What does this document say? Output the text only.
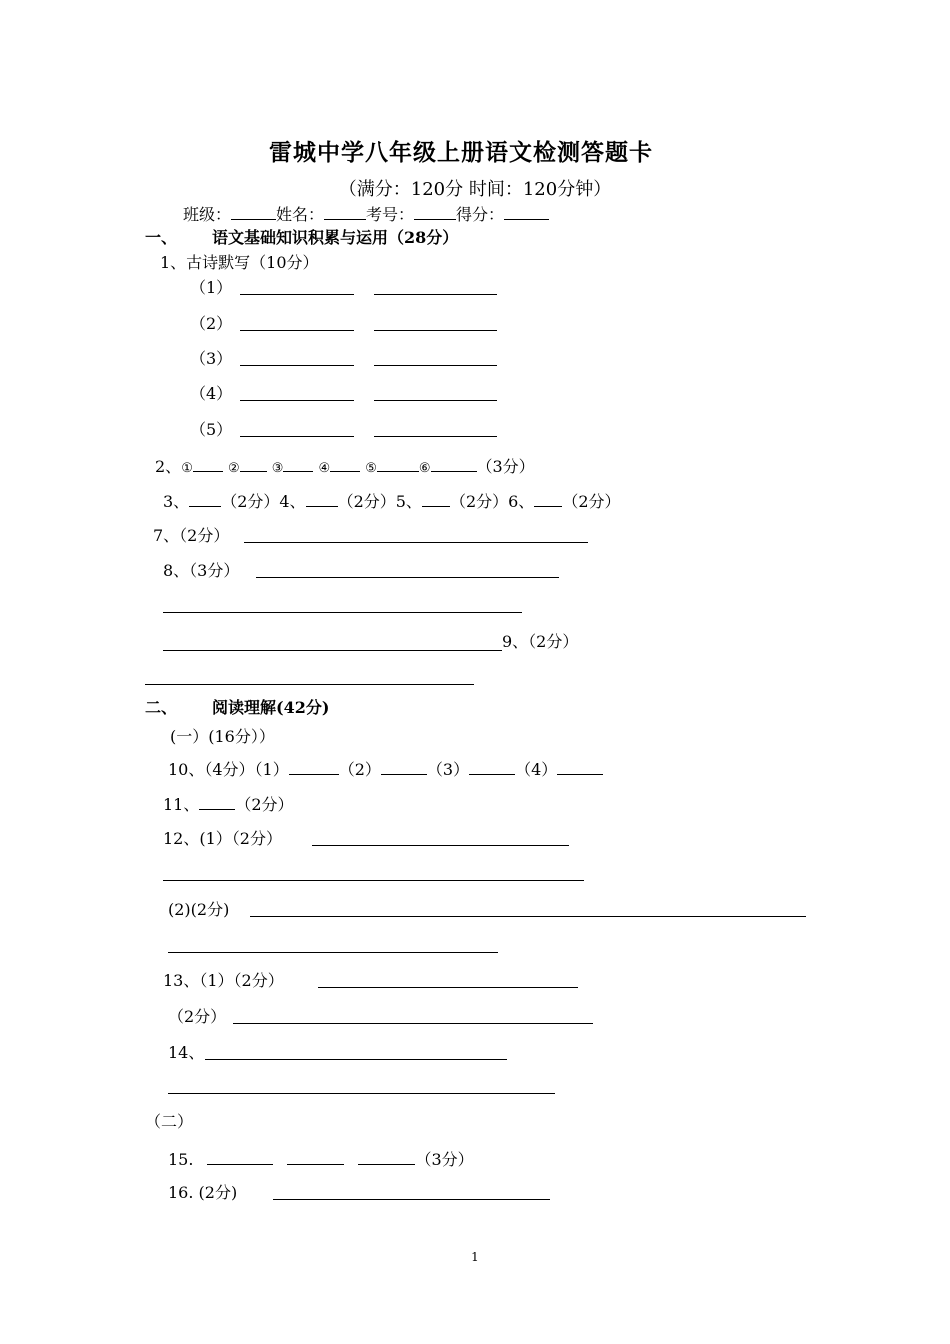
雷城中学八年级上册语文检测答题卡
（满分：120分 时间：120分钟）
班级：	姓名：	考号：	得分：
一、 语文基础知识积累与运用（28分）
1、古诗默写（10分）
（1）
（2）
（3）
（4）
（5）
2、①	② ③	④	⑤	⑥	（3分）
3、 （2分）4、 （2分）5、 （2分）6、 （2分）
7、（2分）
8、（3分）
9、（2分）
二、 阅读理解(42分)
(一）(16分））
10、（4分）（1）	（2）	（3）	（4）
11、 （2分）
12、(1）（2分）
(2)(2分)
13、（1）（2分）
（2分）
14、
（二）
15.	（3分）
16. (2分)
1
